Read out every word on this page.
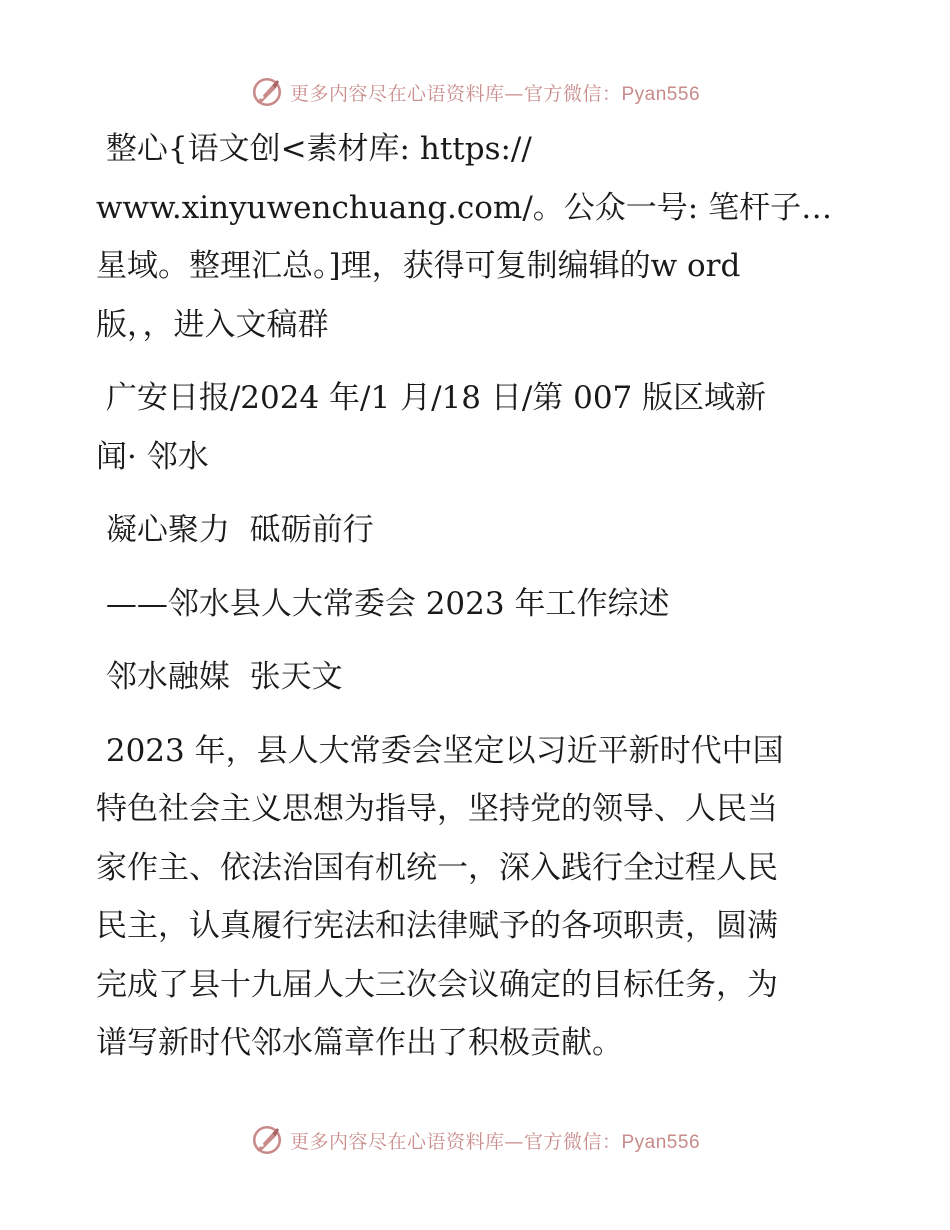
更多内容尽在心语资料库—官方微信：Pyan556

整心{语文创<素材库: https://
www.xinyuwenchuang.com/。公众一号: 笔杆子…
星域。整理汇总。]理，获得可复制编辑的w ord
版，，进入文稿群

广安日报/2024 年/1 月/18 日/第 007 版区域新
闻· 邻水

凝心聚力  砥砺前行

——邻水县人大常委会 2023 年工作综述

邻水融媒  张天文

2023 年，县人大常委会坚定以习近平新时代中国
特色社会主义思想为指导，坚持党的领导、人民当
家作主、依法治国有机统一，深入践行全过程人民
民主，认真履行宪法和法律赋予的各项职责，圆满
完成了县十九届人大三次会议确定的目标任务，为
谱写新时代邻水篇章作出了积极贡献。

更多内容尽在心语资料库—官方微信：Pyan556
